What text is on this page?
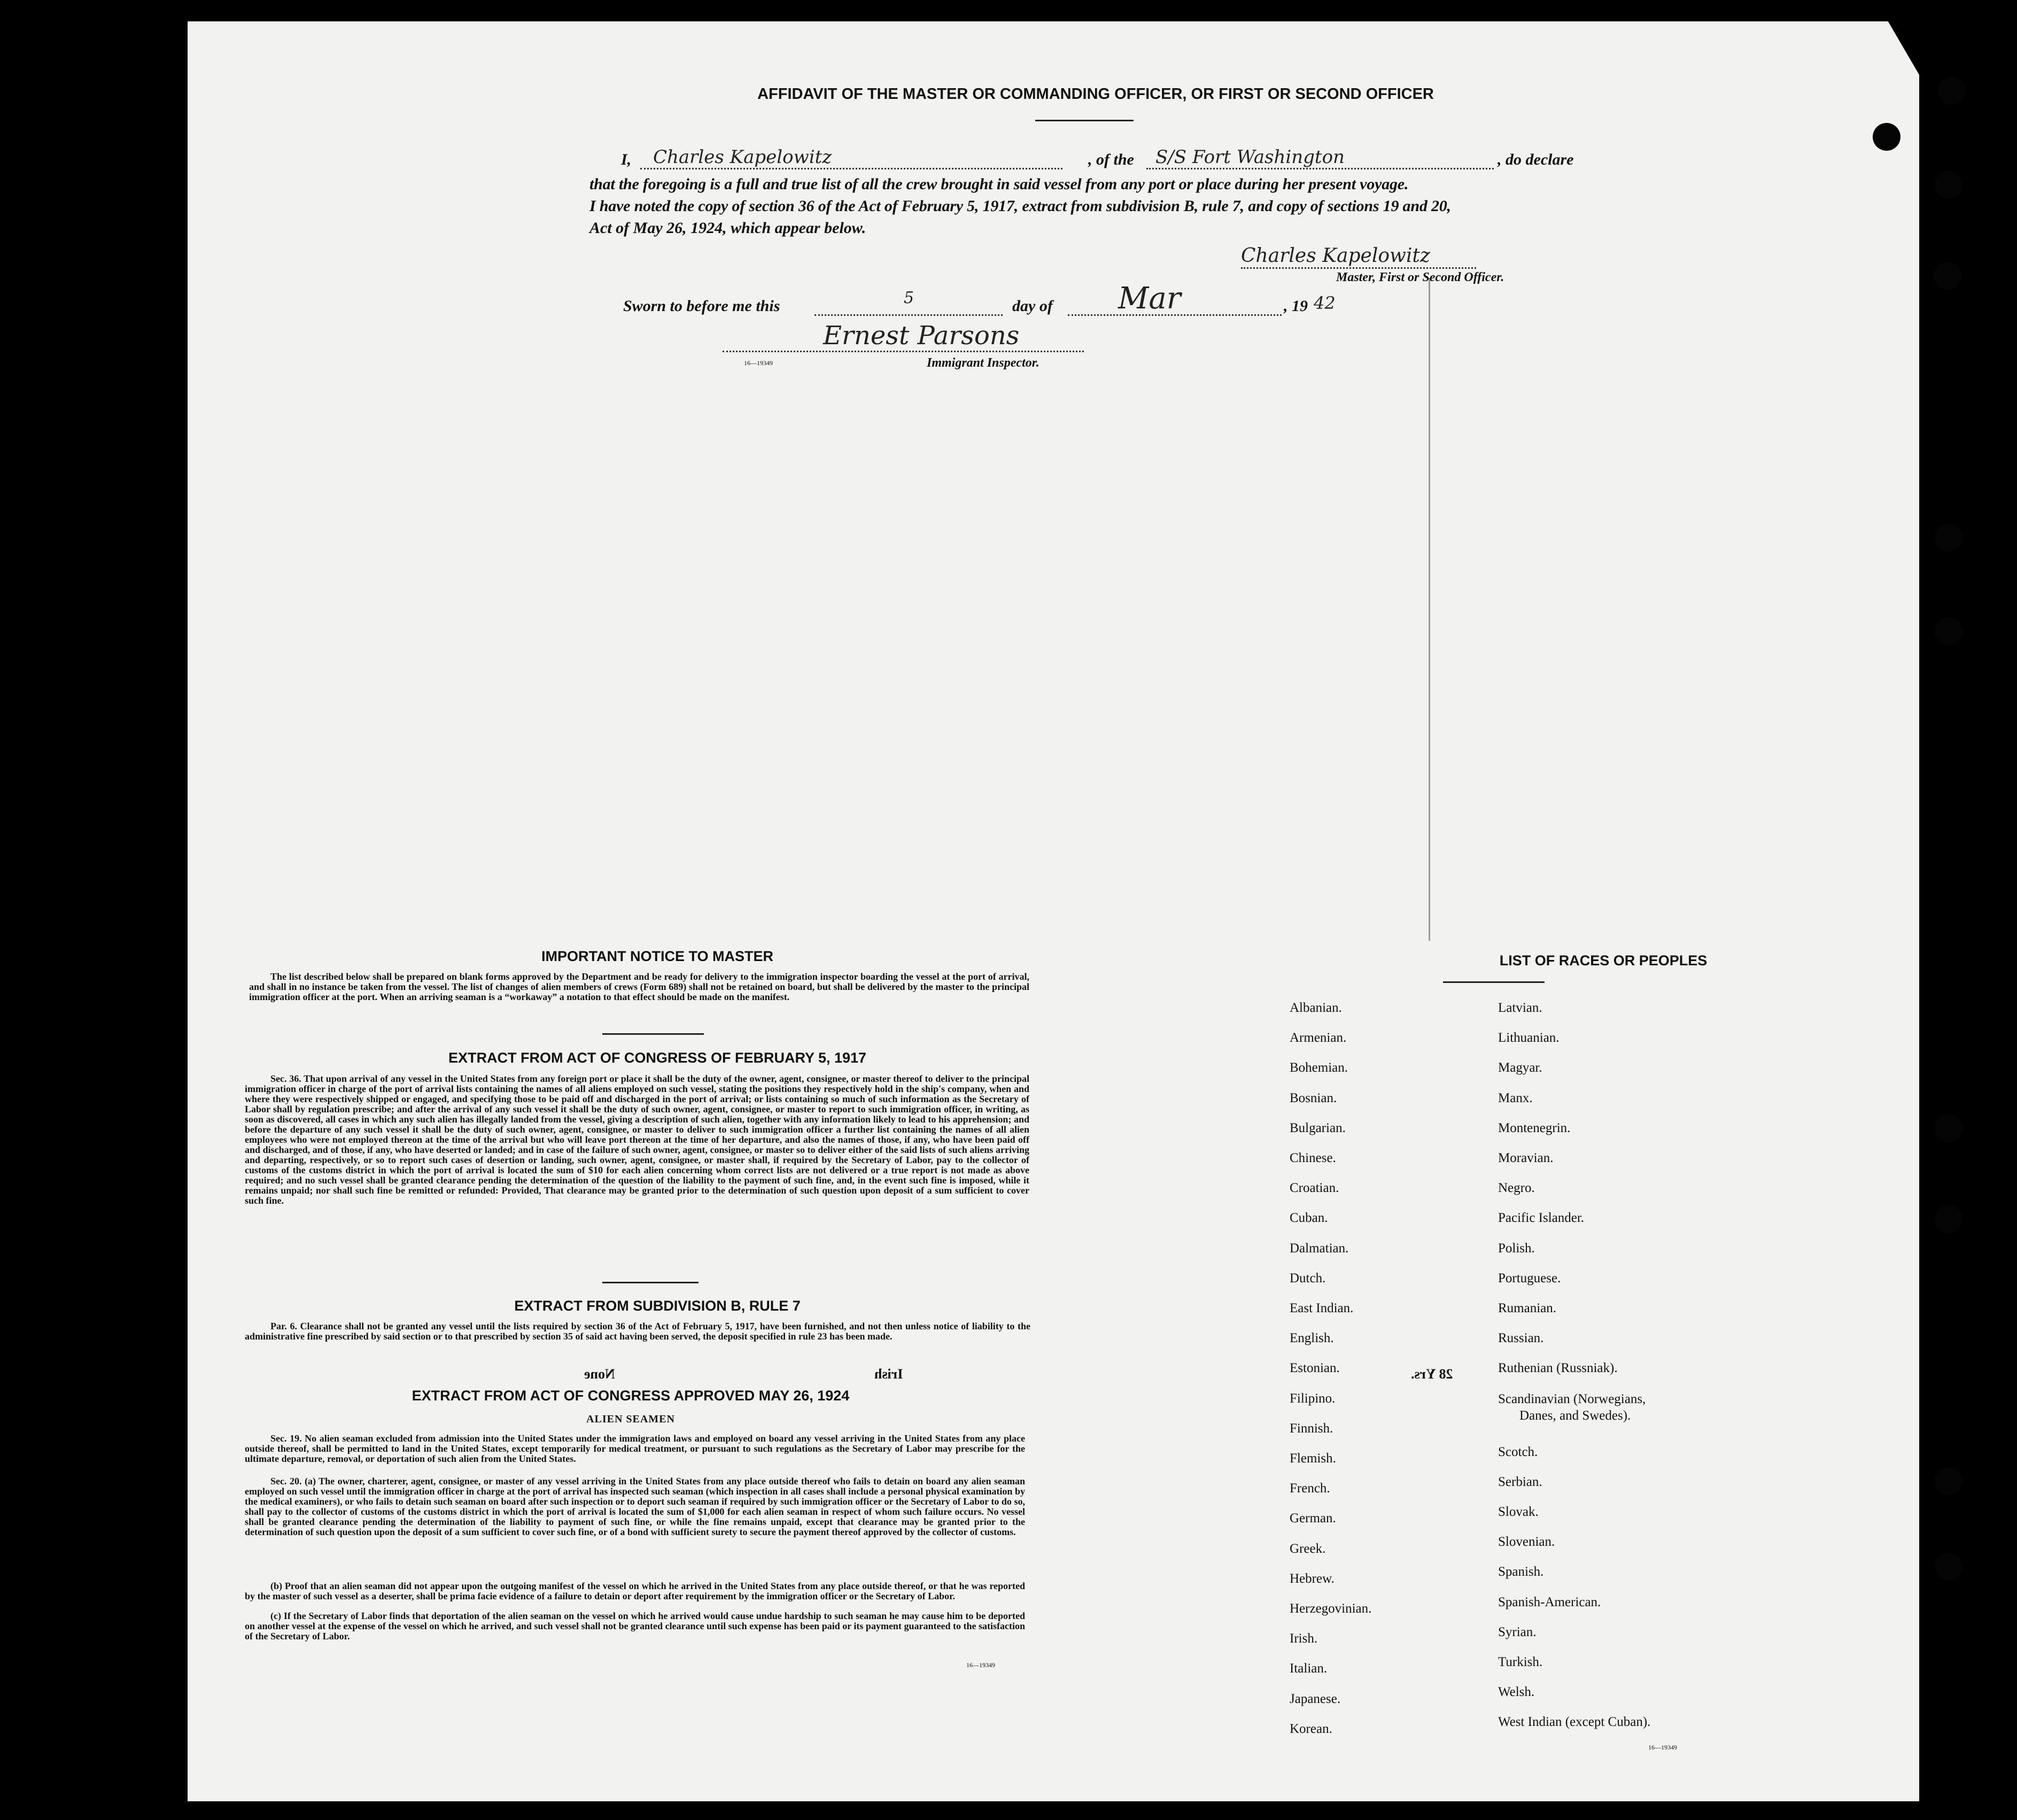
AFFIDAVIT OF THE MASTER OR COMMANDING OFFICER, OR FIRST OR SECOND OFFICER
I, Charles Kapelowitz	, of the S/S Fort Washington	, do declare
that the foregoing is a full and true list of all the crew brought in said vessel from any port or place during her present voyage.
I have noted the copy of section 36 of the Act of February 5, 1917, extract from subdivision B, rule 7, and copy of sections 19 and 20,
Act of May 26, 1924, which appear below.
Charles Kapelowitz
Master, First or Second Officer.
Sworn to before me this	5	day of Mar	, 19 42
Ernest Parsons
16—19349	Immigrant Inspector.
IMPORTANT NOTICE TO MASTER
The list described below shall be prepared on blank forms approved by the Department and be ready for delivery to the immigration inspector boarding the vessel at the port of arrival, and shall in no instance be taken from the vessel. The list of changes of alien members of crews (Form 689) shall not be retained on board, but shall be delivered by the master to the principal immigration officer at the port. When an arriving seaman is a “workaway” a notation to that effect should be made on the manifest.
EXTRACT FROM ACT OF CONGRESS OF FEBRUARY 5, 1917
Sec. 36. That upon arrival of any vessel in the United States from any foreign port or place it shall be the duty of the owner, agent, consignee, or master thereof to deliver to the principal immigration officer in charge of the port of arrival lists containing the names of all aliens employed on such vessel, stating the positions they respectively hold in the ship's company, when and where they were respectively shipped or engaged, and specifying those to be paid off and discharged in the port of arrival; or lists containing so much of such information as the Secretary of Labor shall by regulation prescribe; and after the arrival of any such vessel it shall be the duty of such owner, agent, consignee, or master to report to such immigration officer, in writing, as soon as discovered, all cases in which any such alien has illegally landed from the vessel, giving a description of such alien, together with any information likely to lead to his apprehension; and before the departure of any such vessel it shall be the duty of such owner, agent, consignee, or master to deliver to such immigration officer a further list containing the names of all alien employees who were not employed thereon at the time of the arrival but who will leave port thereon at the time of her departure, and also the names of those, if any, who have been paid off and discharged, and of those, if any, who have deserted or landed; and in case of the failure of such owner, agent, consignee, or master so to deliver either of the said lists of such aliens arriving and departing, respectively, or so to report such cases of desertion or landing, such owner, agent, consignee, or master shall, if required by the Secretary of Labor, pay to the collector of customs of the customs district in which the port of arrival is located the sum of $10 for each alien concerning whom correct lists are not delivered or a true report is not made as above required; and no such vessel shall be granted clearance pending the determination of the question of the liability to the payment of such fine, and, in the event such fine is imposed, while it remains unpaid; nor shall such fine be remitted or refunded: Provided, That clearance may be granted prior to the determination of such question upon deposit of a sum sufficient to cover such fine.
EXTRACT FROM SUBDIVISION B, RULE 7
Par. 6. Clearance shall not be granted any vessel until the lists required by section 36 of the Act of February 5, 1917, have been furnished, and not then unless notice of liability to the administrative fine prescribed by said section or to that prescribed by section 35 of said act having been served, the deposit specified in rule 23 has been made.
None	Irish
EXTRACT FROM ACT OF CONGRESS APPROVED MAY 26, 1924
ALIEN SEAMEN
Sec. 19. No alien seaman excluded from admission into the United States under the immigration laws and employed on board any vessel arriving in the United States from any place outside thereof, shall be permitted to land in the United States, except temporarily for medical treatment, or pursuant to such regulations as the Secretary of Labor may prescribe for the ultimate departure, removal, or deportation of such alien from the United States.
Sec. 20. (a) The owner, charterer, agent, consignee, or master of any vessel arriving in the United States from any place outside thereof who fails to detain on board any alien seaman employed on such vessel until the immigration officer in charge at the port of arrival has inspected such seaman (which inspection in all cases shall include a personal physical examination by the medical examiners), or who fails to detain such seaman on board after such inspection or to deport such seaman if required by such immigration officer or the Secretary of Labor to do so, shall pay to the collector of customs of the customs district in which the port of arrival is located the sum of $1,000 for each alien seaman in respect of whom such failure occurs. No vessel shall be granted clearance pending the determination of the liability to payment of such fine, or while the fine remains unpaid, except that clearance may be granted prior to the determination of such question upon the deposit of a sum sufficient to cover such fine, or of a bond with sufficient surety to secure the payment thereof approved by the collector of customs.
(b) Proof that an alien seaman did not appear upon the outgoing manifest of the vessel on which he arrived in the United States from any place outside thereof, or that he was reported by the master of such vessel as a deserter, shall be prima facie evidence of a failure to detain or deport after requirement by the immigration officer or the Secretary of Labor.
(c) If the Secretary of Labor finds that deportation of the alien seaman on the vessel on which he arrived would cause undue hardship to such seaman he may cause him to be deported on another vessel at the expense of the vessel on which he arrived, and such vessel shall not be granted clearance until such expense has been paid or its payment guaranteed to the satisfaction of the Secretary of Labor.
16—19349
LIST OF RACES OR PEOPLES
Albanian.
Armenian.
Bohemian.
Bosnian.
Bulgarian.
Chinese.
Croatian.
Cuban.
Dalmatian.
Dutch.
East Indian.
English.
Estonian.
Filipino.
Finnish.
Flemish.
French.
German.
Greek.
Hebrew.
Herzegovinian.
Irish.
Italian.
Japanese.
Korean.
28 Yrs.
Latvian.
Lithuanian.
Magyar.
Manx.
Montenegrin.
Moravian.
Negro.
Pacific Islander.
Polish.
Portuguese.
Rumanian.
Russian.
Ruthenian (Russniak).
Scandinavian (Norwegians,
Danes, and Swedes).
Scotch.
Serbian.
Slovak.
Slovenian.
Spanish.
Spanish-American.
Syrian.
Turkish.
Welsh.
West Indian (except Cuban).
16—19349
